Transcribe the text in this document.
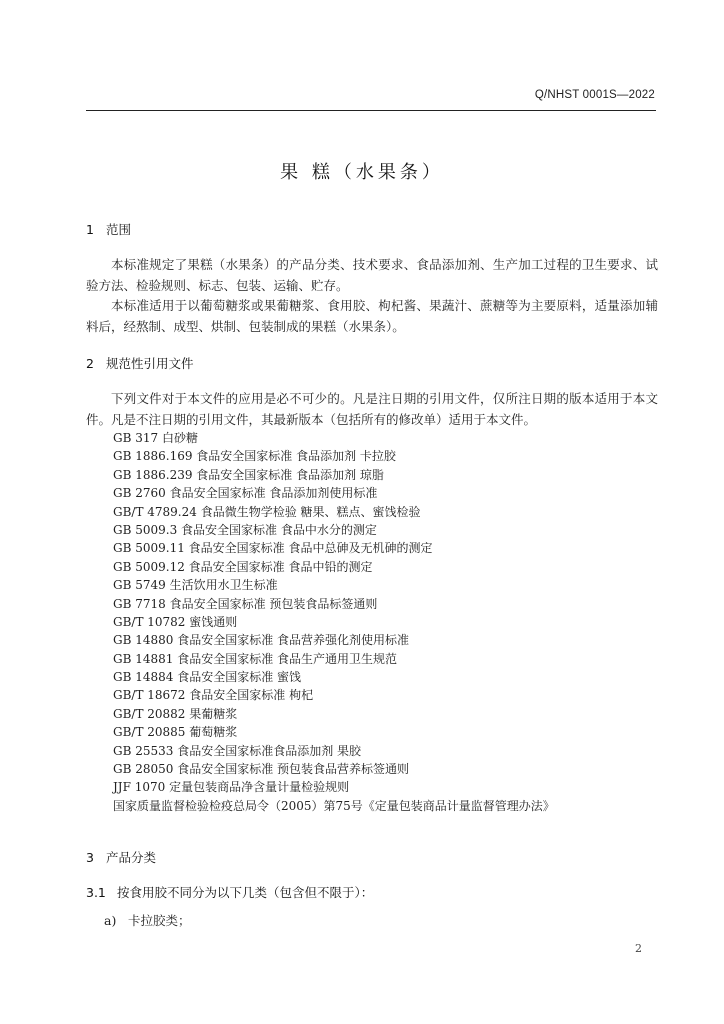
Q/NHST 0001S—2022
果 糕（水果条）
1 范围
本标准规定了果糕（水果条）的产品分类、技术要求、食品添加剂、生产加工过程的卫生要求、试验方法、检验规则、标志、包装、运输、贮存。
本标准适用于以葡萄糖浆或果葡糖浆、食用胶、枸杞酱、果蔬汁、蔗糖等为主要原料，适量添加辅料后，经熬制、成型、烘制、包装制成的果糕（水果条）。
2 规范性引用文件
下列文件对于本文件的应用是必不可少的。凡是注日期的引用文件，仅所注日期的版本适用于本文件。凡是不注日期的引用文件，其最新版本（包括所有的修改单）适用于本文件。
GB 317 白砂糖
GB 1886.169 食品安全国家标准 食品添加剂 卡拉胶
GB 1886.239 食品安全国家标准 食品添加剂 琼脂
GB 2760 食品安全国家标准 食品添加剂使用标准
GB/T 4789.24 食品微生物学检验 糖果、糕点、蜜饯检验
GB 5009.3 食品安全国家标准 食品中水分的测定
GB 5009.11 食品安全国家标准 食品中总砷及无机砷的测定
GB 5009.12 食品安全国家标准 食品中铅的测定
GB 5749 生活饮用水卫生标准
GB 7718 食品安全国家标准 预包装食品标签通则
GB/T 10782 蜜饯通则
GB 14880 食品安全国家标准 食品营养强化剂使用标准
GB 14881 食品安全国家标准 食品生产通用卫生规范
GB 14884 食品安全国家标准 蜜饯
GB/T 18672 食品安全国家标准 枸杞
GB/T 20882 果葡糖浆
GB/T 20885 葡萄糖浆
GB 25533 食品安全国家标准食品添加剂 果胶
GB 28050 食品安全国家标准 预包装食品营养标签通则
JJF 1070 定量包装商品净含量计量检验规则
国家质量监督检验检疫总局令（2005）第75号《定量包装商品计量监督管理办法》
3 产品分类
3.1 按食用胶不同分为以下几类（包含但不限于）：
a) 卡拉胶类；
2
